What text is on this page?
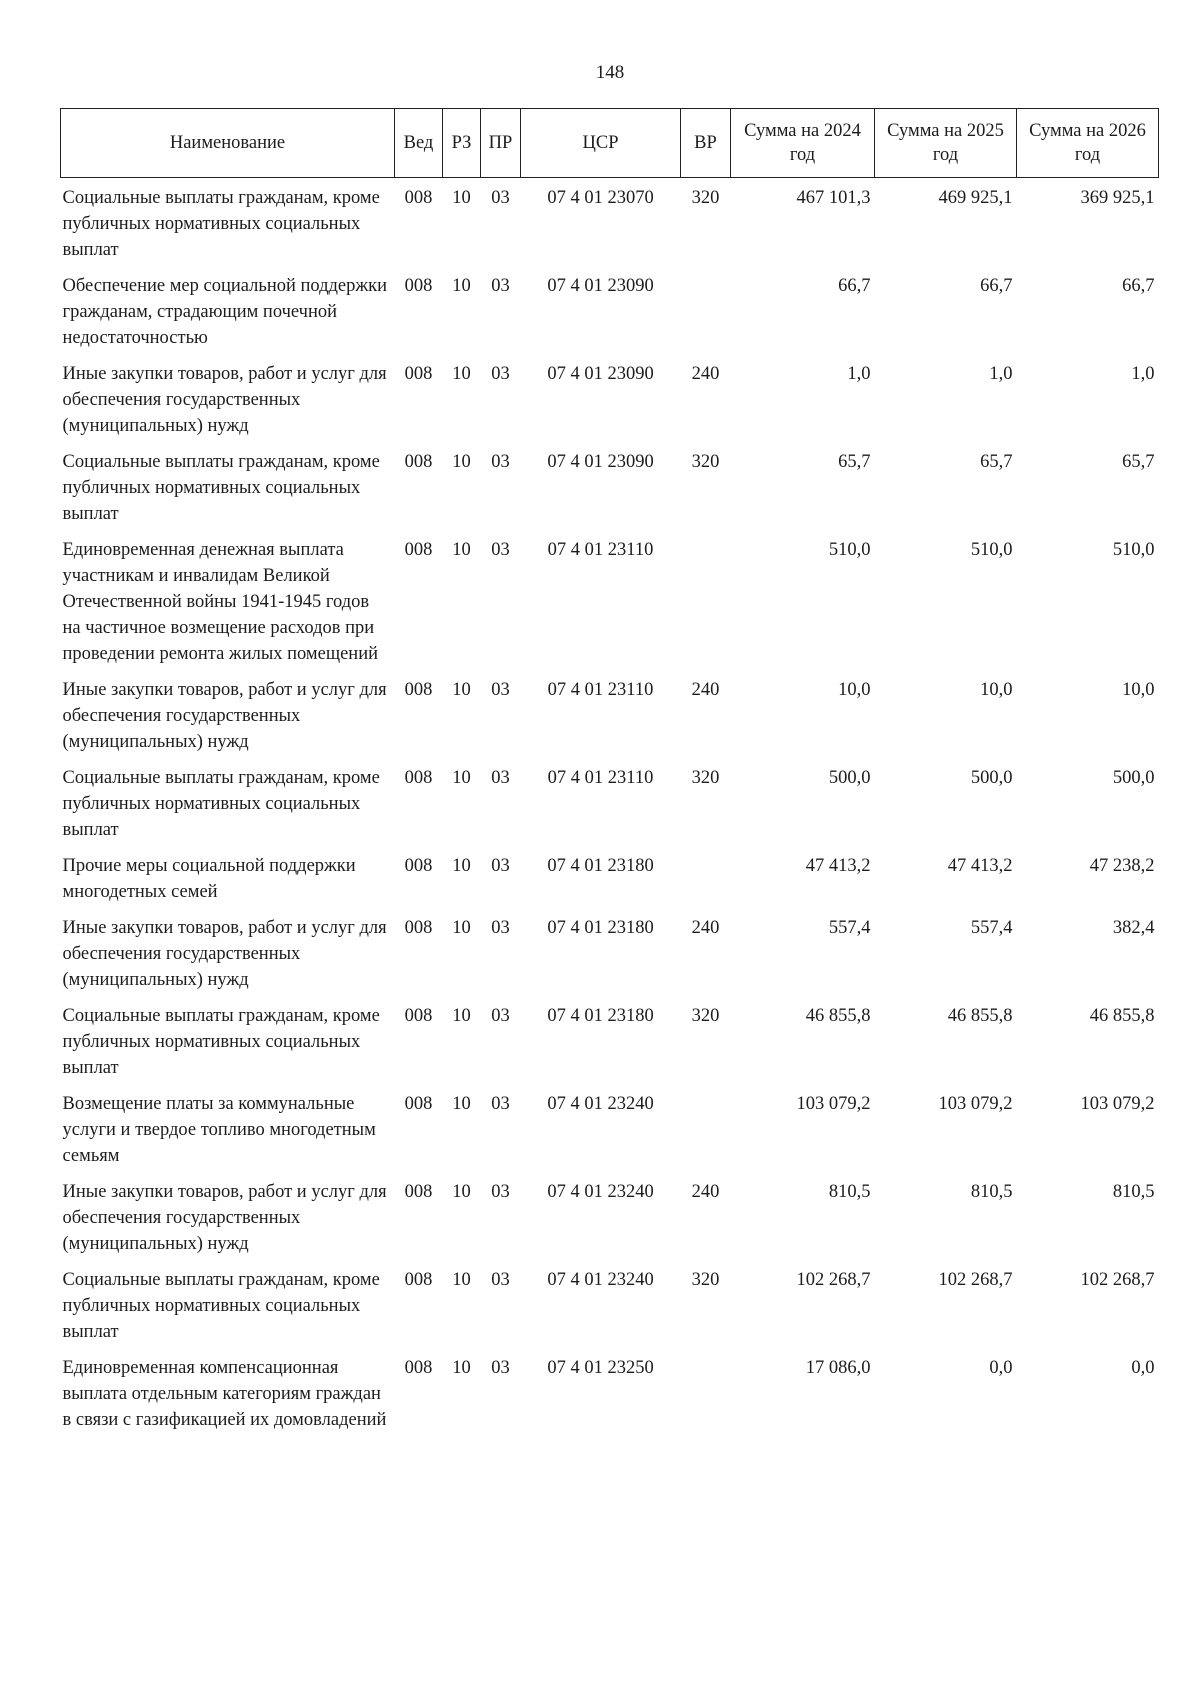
148
Наименование	Вед	РЗ	ПР	ЦСР	ВР	Сумма на 2024 год	Сумма на 2025 год	Сумма на 2026 год
Социальные выплаты гражданам, кроме публичных нормативных социальных выплат	008	10	03	07 4 01 23070	320	467 101,3	469 925,1	369 925,1
Обеспечение мер социальной поддержки гражданам, страдающим почечной недостаточностью	008	10	03	07 4 01 23090		66,7	66,7	66,7
Иные закупки товаров, работ и услуг для обеспечения государственных (муниципальных) нужд	008	10	03	07 4 01 23090	240	1,0	1,0	1,0
Социальные выплаты гражданам, кроме публичных нормативных социальных выплат	008	10	03	07 4 01 23090	320	65,7	65,7	65,7
Единовременная денежная выплата участникам и инвалидам Великой Отечественной войны 1941-1945 годов на частичное возмещение расходов при проведении ремонта жилых помещений	008	10	03	07 4 01 23110		510,0	510,0	510,0
Иные закупки товаров, работ и услуг для обеспечения государственных (муниципальных) нужд	008	10	03	07 4 01 23110	240	10,0	10,0	10,0
Социальные выплаты гражданам, кроме публичных нормативных социальных выплат	008	10	03	07 4 01 23110	320	500,0	500,0	500,0
Прочие меры социальной поддержки многодетных семей	008	10	03	07 4 01 23180		47 413,2	47 413,2	47 238,2
Иные закупки товаров, работ и услуг для обеспечения государственных (муниципальных) нужд	008	10	03	07 4 01 23180	240	557,4	557,4	382,4
Социальные выплаты гражданам, кроме публичных нормативных социальных выплат	008	10	03	07 4 01 23180	320	46 855,8	46 855,8	46 855,8
Возмещение платы за коммунальные услуги и твердое топливо многодетным семьям	008	10	03	07 4 01 23240		103 079,2	103 079,2	103 079,2
Иные закупки товаров, работ и услуг для обеспечения государственных (муниципальных) нужд	008	10	03	07 4 01 23240	240	810,5	810,5	810,5
Социальные выплаты гражданам, кроме публичных нормативных социальных выплат	008	10	03	07 4 01 23240	320	102 268,7	102 268,7	102 268,7
Единовременная компенсационная выплата отдельным категориям граждан в связи с газификацией их домовладений	008	10	03	07 4 01 23250		17 086,0	0,0	0,0
